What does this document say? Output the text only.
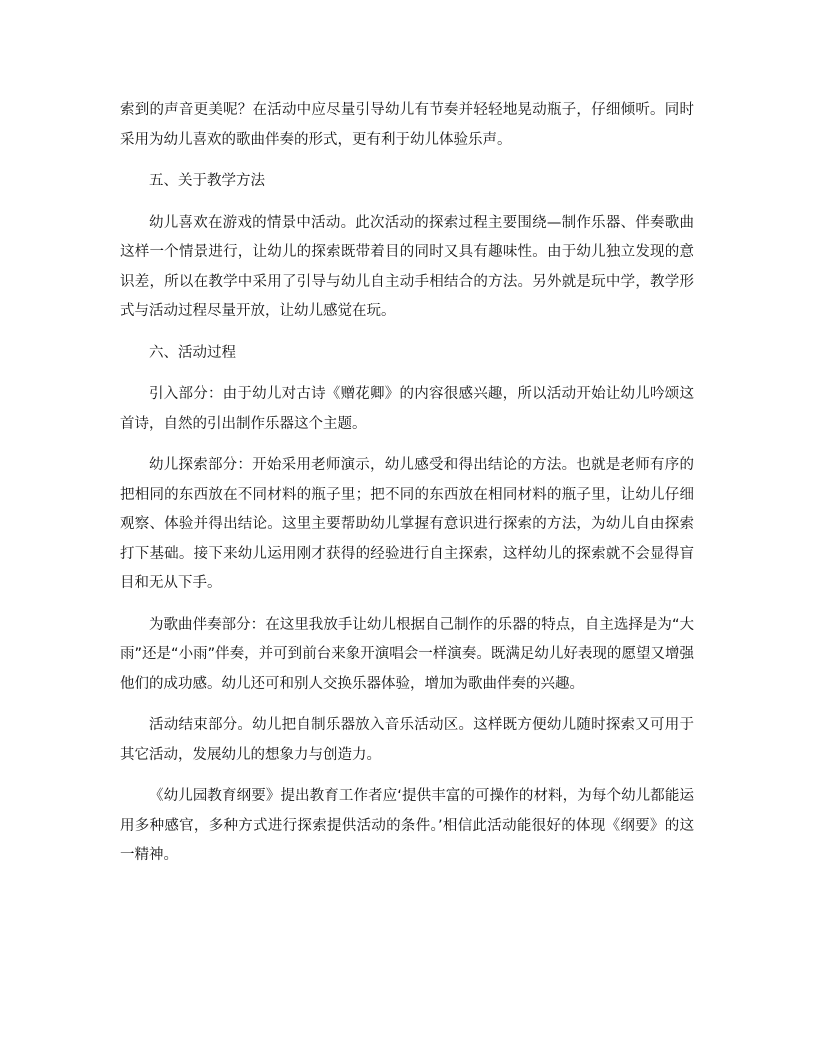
索到的声音更美呢？在活动中应尽量引导幼儿有节奏并轻轻地晃动瓶子，仔细倾听。同时采用为幼儿喜欢的歌曲伴奏的形式，更有利于幼儿体验乐声。

五、关于教学方法

幼儿喜欢在游戏的情景中活动。此次活动的探索过程主要围绕—制作乐器、伴奏歌曲这样一个情景进行，让幼儿的探索既带着目的同时又具有趣味性。由于幼儿独立发现的意识差，所以在教学中采用了引导与幼儿自主动手相结合的方法。另外就是玩中学，教学形式与活动过程尽量开放，让幼儿感觉在玩。

六、活动过程

引入部分：由于幼儿对古诗《赠花卿》的内容很感兴趣，所以活动开始让幼儿吟颂这首诗，自然的引出制作乐器这个主题。

幼儿探索部分：开始采用老师演示，幼儿感受和得出结论的方法。也就是老师有序的把相同的东西放在不同材料的瓶子里；把不同的东西放在相同材料的瓶子里，让幼儿仔细观察、体验并得出结论。这里主要帮助幼儿掌握有意识进行探索的方法，为幼儿自由探索打下基础。接下来幼儿运用刚才获得的经验进行自主探索，这样幼儿的探索就不会显得盲目和无从下手。

为歌曲伴奏部分：在这里我放手让幼儿根据自己制作的乐器的特点，自主选择是为“大雨”还是“小雨”伴奏，并可到前台来象开演唱会一样演奏。既满足幼儿好表现的愿望又增强他们的成功感。幼儿还可和别人交换乐器体验，增加为歌曲伴奏的兴趣。

活动结束部分。幼儿把自制乐器放入音乐活动区。这样既方便幼儿随时探索又可用于其它活动，发展幼儿的想象力与创造力。

《幼儿园教育纲要》提出教育工作者应‘提供丰富的可操作的材料，为每个幼儿都能运用多种感官，多种方式进行探索提供活动的条件。’相信此活动能很好的体现《纲要》的这一精神。
